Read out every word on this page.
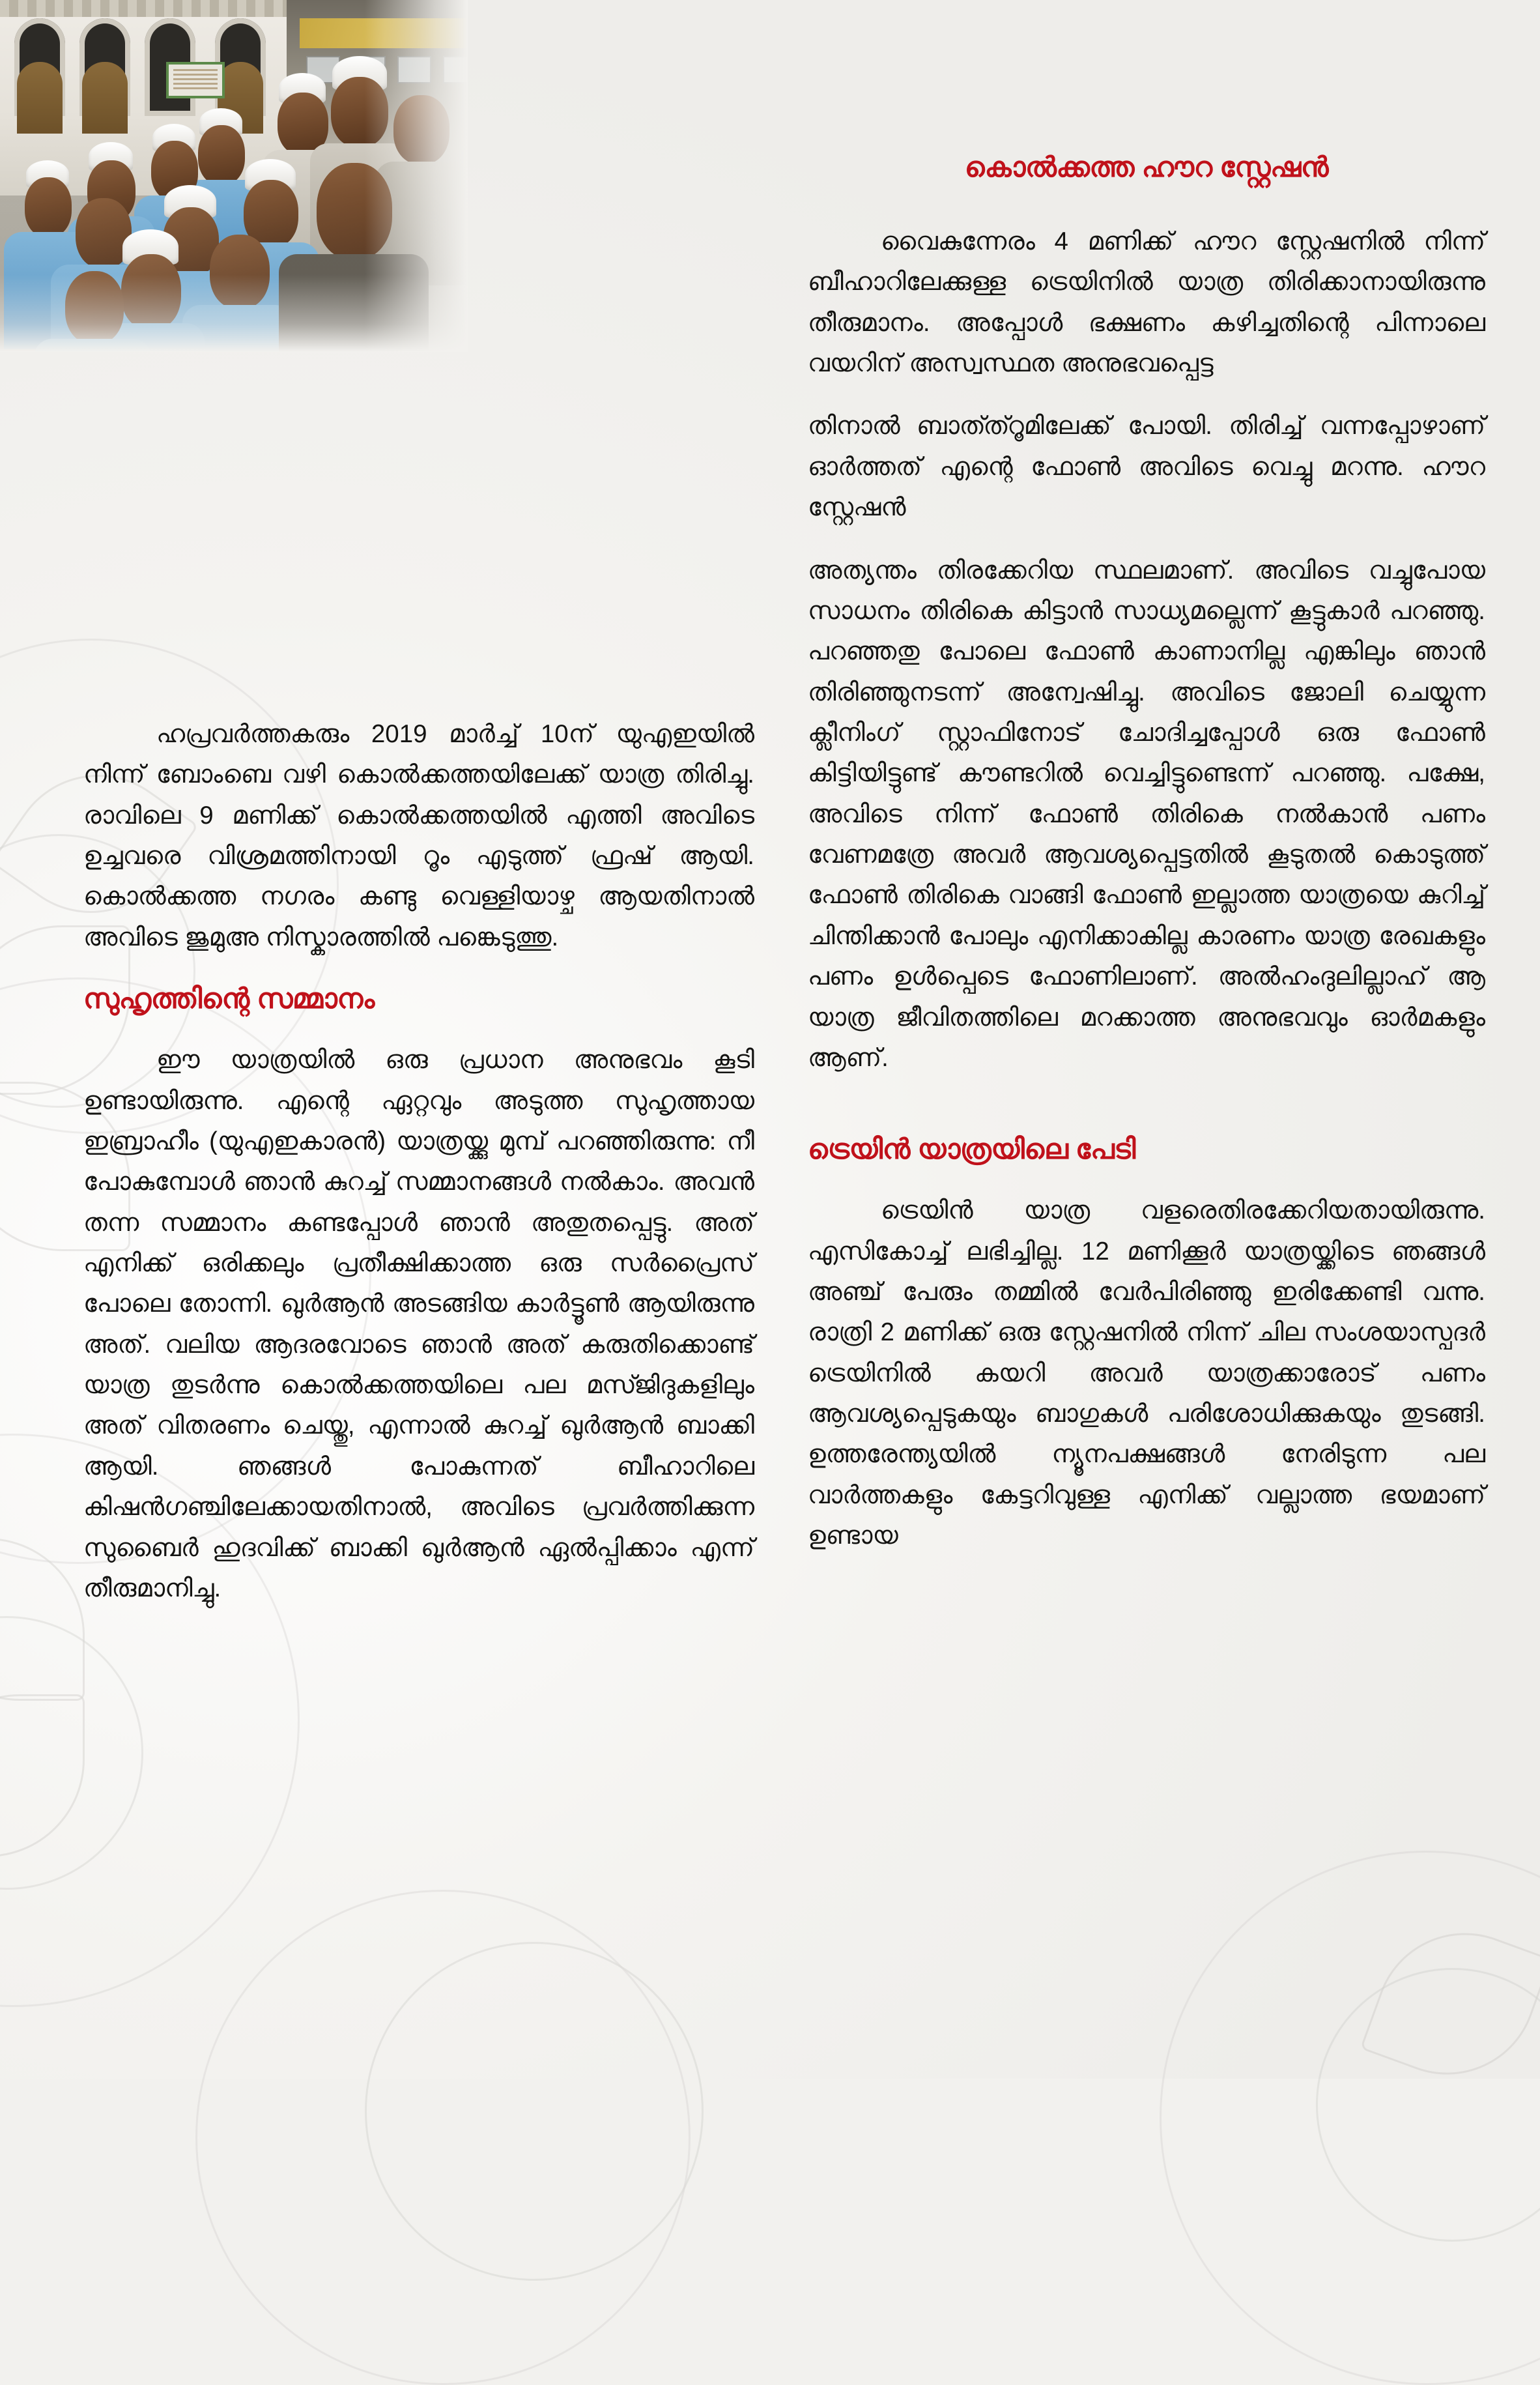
ഹപ്രവർത്തകരും 2019 മാർച്ച് 10ന് യുഎഇയിൽ നിന്ന് ബോംബെ വഴി കൊൽക്കത്തയിലേക്ക് യാത്ര തിരിച്ചു. രാവിലെ 9 മണിക്ക് കൊൽക്കത്തയിൽ എത്തി അവിടെ ഉച്ചവരെ വിശ്രമത്തിനായി റൂം എടുത്ത് ഫ്രഷ് ആയി. കൊൽക്കത്ത നഗരം കണ്ടു വെള്ളിയാഴ്ച ആയതിനാൽ അവിടെ ജുമുഅ നിസ്കാരത്തിൽ പങ്കെടുത്തു.

സുഹൃത്തിന്റെ സമ്മാനം

ഈ യാത്രയിൽ ഒരു പ്രധാന അനുഭവം കൂടി ഉണ്ടായിരുന്നു. എന്റെ ഏറ്റവും അടുത്ത സുഹൃത്തായ ഇബ്രാഹീം (യുഎഇകാരൻ) യാത്രയ്ക്കു മുമ്പ് പറഞ്ഞിരുന്നു: നീ പോകുമ്പോൾ ഞാൻ കുറച്ച് സമ്മാനങ്ങൾ നൽകാം. അവൻ തന്ന സമ്മാനം കണ്ടപ്പോൾ ഞാൻ അതുതപ്പെട്ടു. അത് എനിക്ക് ഒരിക്കലും പ്രതീക്ഷിക്കാത്ത ഒരു സർപ്രൈസ് പോലെ തോന്നി. ഖുർആൻ അടങ്ങിയ കാർട്ടൂൺ ആയിരുന്നു അത്. വലിയ ആദരവോടെ ഞാൻ അത് കരുതിക്കൊണ്ട് യാത്ര തുടർന്നു കൊൽക്കത്തയിലെ പല മസ്ജിദുകളിലും അത് വിതരണം ചെയ്തു, എന്നാൽ കുറച്ച് ഖുർആൻ ബാക്കി ആയി. ഞങ്ങൾ പോകുന്നത് ബീഹാറിലെ കിഷൻഗഞ്ചിലേക്കായതിനാൽ, അവിടെ പ്രവർത്തിക്കുന്ന സുബൈർ ഹുദവിക്ക് ബാക്കി ഖുർആൻ ഏൽപ്പിക്കാം എന്ന് തീരുമാനിച്ചു.

കൊൽക്കത്ത ഹൗറ സ്റ്റേഷൻ

വൈകുന്നേരം 4 മണിക്ക് ഹൗറ സ്റ്റേഷനിൽ നിന്ന് ബീഹാറിലേക്കുള്ള ട്രെയിനിൽ യാത്ര തിരിക്കാനായിരുന്നു തീരുമാനം. അപ്പോൾ ഭക്ഷണം കഴിച്ചതിന്റെ പിന്നാലെ വയറിന് അസ്വസ്ഥത അനുഭവപ്പെട്ട

തിനാൽ ബാത്ത്റൂമിലേക്ക് പോയി. തിരിച്ച് വന്നപ്പോഴാണ് ഓർത്തത് എന്റെ ഫോൺ അവിടെ വെച്ചു മറന്നു. ഹൗറ സ്റ്റേഷൻ

അത്യന്തം തിരക്കേറിയ സ്ഥലമാണ്. അവിടെ വച്ചുപോയ സാധനം തിരികെ കിട്ടാൻ സാധ്യമല്ലെന്ന് കൂട്ടുകാർ പറഞ്ഞു. പറഞ്ഞതു പോലെ ഫോൺ കാണാനില്ല എങ്കിലും ഞാൻ തിരിഞ്ഞുനടന്ന് അന്വേഷിച്ചു. അവിടെ ജോലി ചെയ്യുന്ന ക്ലീനിംഗ് സ്റ്റാഫിനോട് ചോദിച്ചപ്പോൾ ഒരു ഫോൺ കിട്ടിയിട്ടുണ്ട് കൗണ്ടറിൽ വെച്ചിട്ടുണ്ടെന്ന് പറഞ്ഞു. പക്ഷേ, അവിടെ നിന്ന് ഫോൺ തിരികെ നൽകാൻ പണം വേണമത്രേ അവർ ആവശ്യപ്പെട്ടതിൽ കൂടുതൽ കൊടുത്ത് ഫോൺ തിരികെ വാങ്ങി ഫോൺ ഇല്ലാത്ത യാത്രയെ കുറിച്ച് ചിന്തിക്കാൻ പോലും എനിക്കാകില്ല കാരണം യാത്ര രേഖകളും പണം ഉൾപ്പെടെ ഫോണിലാണ്. അൽഹംദുലില്ലാഹ് ആ യാത്ര ജീവിതത്തിലെ മറക്കാത്ത അനുഭവവും ഓർമകളും ആണ്.

ട്രെയിൻ യാത്രയിലെ പേടി

ട്രെയിൻ യാത്ര വളരെതിരക്കേറിയതായിരുന്നു. എസികോച്ച് ലഭിച്ചില്ല. 12 മണിക്കൂർ യാത്രയ്ക്കിടെ ഞങ്ങൾ അഞ്ച് പേരും തമ്മിൽ വേർപിരിഞ്ഞു ഇരിക്കേണ്ടി വന്നു. രാത്രി 2 മണിക്ക് ഒരു സ്റ്റേഷനിൽ നിന്ന് ചില സംശയാസ്പദർ ട്രെയിനിൽ കയറി അവർ യാത്രക്കാരോട് പണം ആവശ്യപ്പെടുകയും ബാഗുകൾ പരിശോധിക്കുകയും തുടങ്ങി. ഉത്തരേന്ത്യയിൽ ന്യൂനപക്ഷങ്ങൾ നേരിടുന്ന പല വാർത്തകളും കേട്ടറിവുള്ള എനിക്ക് വല്ലാത്ത ഭയമാണ് ഉണ്ടായ
